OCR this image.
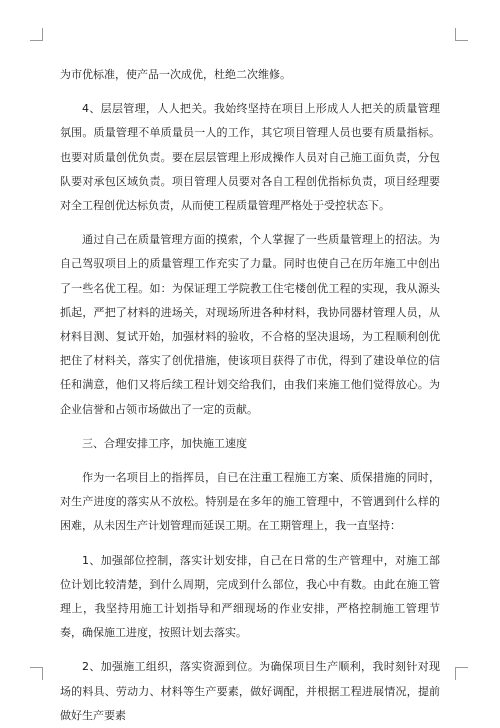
为市优标准，使产品一次成优，杜绝二次维修。

4、层层管理，人人把关。我始终坚持在项目上形成人人把关的质量管理氛围。质量管理不单质量员一人的工作，其它项目管理人员也要有质量指标。也要对质量创优负责。要在层层管理上形成操作人员对自己施工面负责，分包队要对承包区域负责。项目管理人员要对各自工程创优指标负责，项目经理要对全工程创优达标负责，从而使工程质量管理严格处于受控状态下。

通过自己在质量管理方面的摸索，个人掌握了一些质量管理上的招法。为自己驾驭项目上的质量管理工作充实了力量。同时也使自己在历年施工中创出了一些名优工程。如：为保证理工学院教工住宅楼创优工程的实现，我从源头抓起，严把了材料的进场关，对现场所进各种材料，我协同器材管理人员，从材料目测、复试开始，加强材料的验收，不合格的坚决退场，为工程顺利创优把住了材料关，落实了创优措施，使该项目获得了市优，得到了建设单位的信任和满意，他们又将后续工程计划交给我们，由我们来施工他们觉得放心。为企业信誉和占领市场做出了一定的贡献。

三、合理安排工序，加快施工速度

作为一名项目上的指挥员，自已在注重工程施工方案、质保措施的同时，对生产进度的落实从不放松。特别是在多年的施工管理中，不管遇到什么样的困难，从未因生产计划管理而延误工期。在工期管理上，我一直坚持：

1、加强部位控制，落实计划安排，自己在日常的生产管理中，对施工部位计划比较清楚，到什么周期，完成到什么部位，我心中有数。由此在施工管理上，我坚持用施工计划指导和严细现场的作业安排，严格控制施工管理节奏，确保施工进度，按照计划去落实。

2、加强施工组织，落实资源到位。为确保项目生产顺利，我时刻针对现场的料具、劳动力、材料等生产要素，做好调配，并根据工程进展情况，提前做好生产要素
